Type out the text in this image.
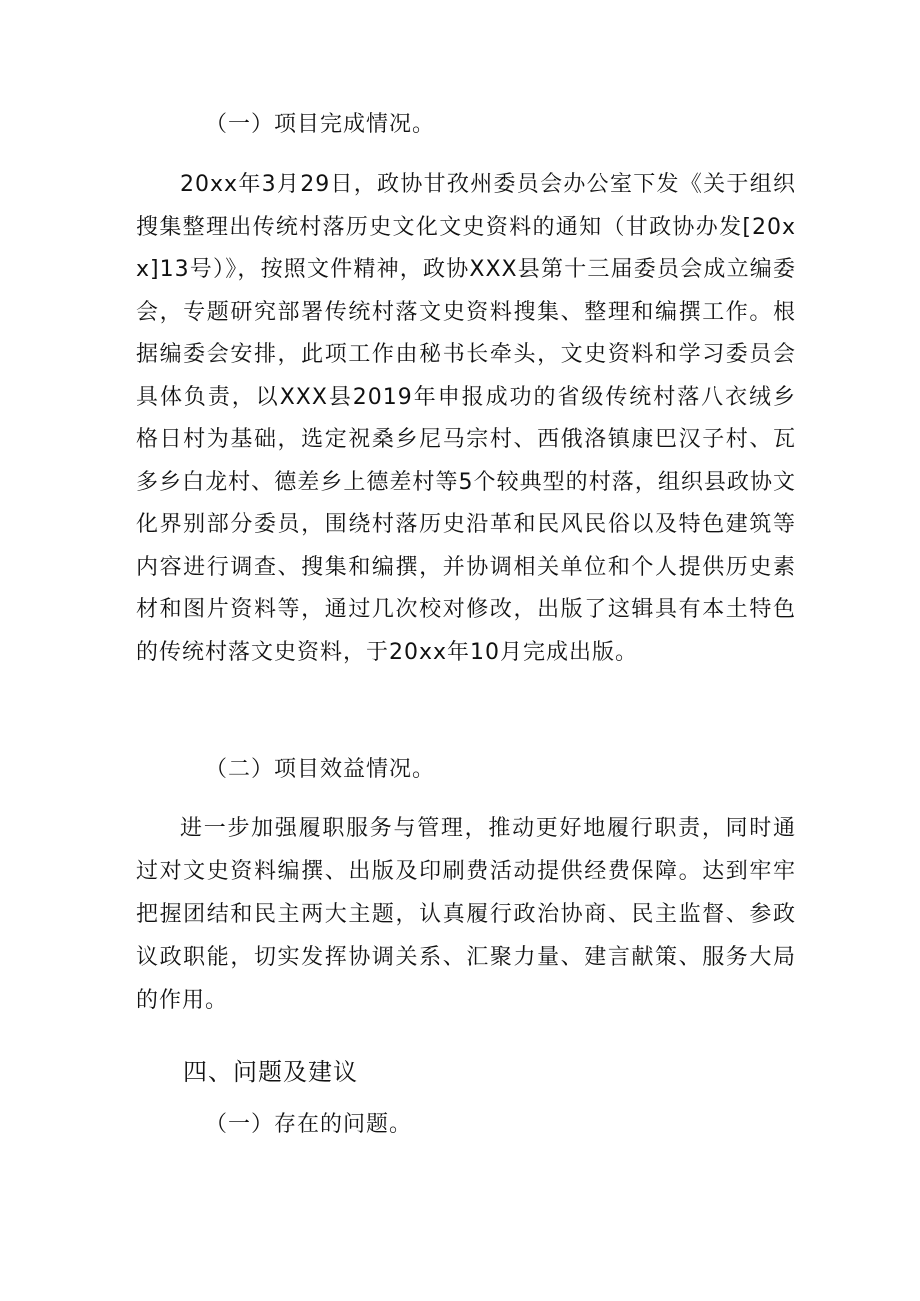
（一）项目完成情况。
20xx年3月29日，政协甘孜州委员会办公室下发《关于组织搜集整理出传统村落历史文化文史资料的通知（甘政协办发[20xx]13号）》，按照文件精神，政协XXX县第十三届委员会成立编委会，专题研究部署传统村落文史资料搜集、整理和编撰工作。根据编委会安排，此项工作由秘书长牵头，文史资料和学习委员会具体负责，以XXX县2019年申报成功的省级传统村落八衣绒乡格日村为基础，选定祝桑乡尼马宗村、西俄洛镇康巴汉子村、瓦多乡白龙村、德差乡上德差村等5个较典型的村落，组织县政协文化界别部分委员，围绕村落历史沿革和民风民俗以及特色建筑等内容进行调查、搜集和编撰，并协调相关单位和个人提供历史素材和图片资料等，通过几次校对修改，出版了这辑具有本土特色的传统村落文史资料，于20xx年10月完成出版。
（二）项目效益情况。
进一步加强履职服务与管理，推动更好地履行职责，同时通过对文史资料编撰、出版及印刷费活动提供经费保障。达到牢牢把握团结和民主两大主题，认真履行政治协商、民主监督、参政议政职能，切实发挥协调关系、汇聚力量、建言献策、服务大局的作用。
四、问题及建议
（一）存在的问题。
